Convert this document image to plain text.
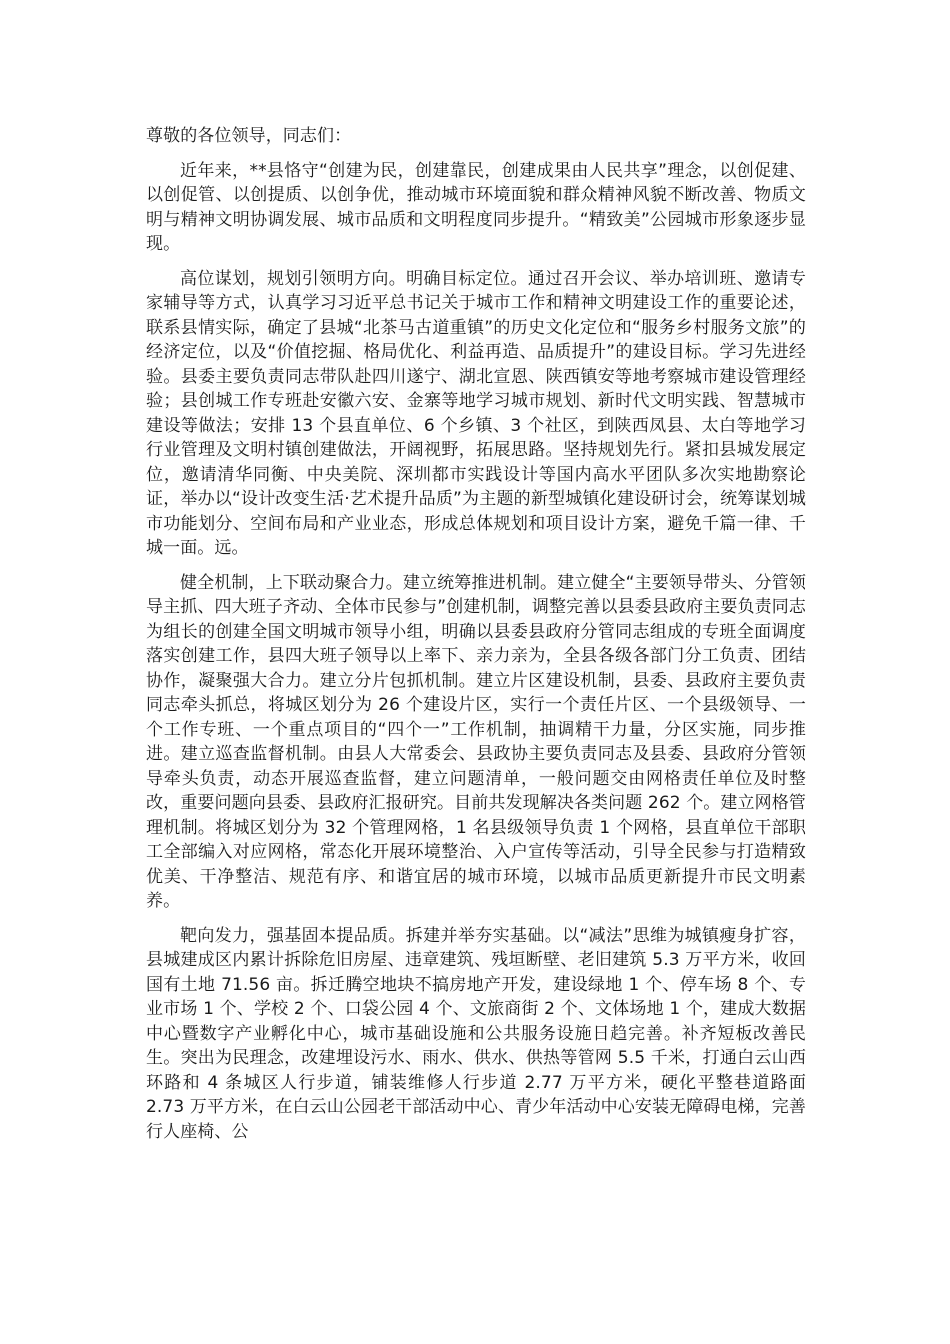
尊敬的各位领导，同志们：

近年来，**县恪守“创建为民，创建靠民，创建成果由人民共享”理念，以创促建、以创促管、以创提质、以创争优，推动城市环境面貌和群众精神风貌不断改善、物质文明与精神文明协调发展、城市品质和文明程度同步提升。“精致美”公园城市形象逐步显现。

高位谋划，规划引领明方向。明确目标定位。通过召开会议、举办培训班、邀请专家辅导等方式，认真学习习近平总书记关于城市工作和精神文明建设工作的重要论述，联系县情实际，确定了县城“北茶马古道重镇”的历史文化定位和“服务乡村服务文旅”的经济定位，以及“价值挖掘、格局优化、利益再造、品质提升”的建设目标。学习先进经验。县委主要负责同志带队赴四川遂宁、湖北宣恩、陕西镇安等地考察城市建设管理经验；县创城工作专班赴安徽六安、金寨等地学习城市规划、新时代文明实践、智慧城市建设等做法；安排 13 个县直单位、6 个乡镇、3 个社区，到陕西凤县、太白等地学习行业管理及文明村镇创建做法，开阔视野，拓展思路。坚持规划先行。紧扣县城发展定位，邀请清华同衡、中央美院、深圳都市实践设计等国内高水平团队多次实地勘察论证，举办以“设计改变生活·艺术提升品质”为主题的新型城镇化建设研讨会，统筹谋划城市功能划分、空间布局和产业业态，形成总体规划和项目设计方案，避免千篇一律、千城一面。远。

健全机制，上下联动聚合力。建立统筹推进机制。建立健全“主要领导带头、分管领导主抓、四大班子齐动、全体市民参与”创建机制，调整完善以县委县政府主要负责同志为组长的创建全国文明城市领导小组，明确以县委县政府分管同志组成的专班全面调度落实创建工作，县四大班子领导以上率下、亲力亲为，全县各级各部门分工负责、团结协作，凝聚强大合力。建立分片包抓机制。建立片区建设机制，县委、县政府主要负责同志牵头抓总，将城区划分为 26 个建设片区，实行一个责任片区、一个县级领导、一个工作专班、一个重点项目的“四个一”工作机制，抽调精干力量，分区实施，同步推进。建立巡查监督机制。由县人大常委会、县政协主要负责同志及县委、县政府分管领导牵头负责，动态开展巡查监督，建立问题清单，一般问题交由网格责任单位及时整改，重要问题向县委、县政府汇报研究。目前共发现解决各类问题 262 个。建立网格管理机制。将城区划分为 32 个管理网格，1 名县级领导负责 1 个网格，县直单位干部职工全部编入对应网格，常态化开展环境整治、入户宣传等活动，引导全民参与打造精致优美、干净整洁、规范有序、和谐宜居的城市环境，以城市品质更新提升市民文明素养。

靶向发力，强基固本提品质。拆建并举夯实基础。以“减法”思维为城镇瘦身扩容，县城建成区内累计拆除危旧房屋、违章建筑、残垣断壁、老旧建筑 5.3 万平方米，收回国有土地 71.56 亩。拆迁腾空地块不搞房地产开发，建设绿地 1 个、停车场 8 个、专业市场 1 个、学校 2 个、口袋公园 4 个、文旅商街 2 个、文体场地 1 个，建成大数据中心暨数字产业孵化中心，城市基础设施和公共服务设施日趋完善。补齐短板改善民生。突出为民理念，改建埋设污水、雨水、供水、供热等管网 5.5 千米，打通白云山西环路和 4 条城区人行步道，铺装维修人行步道 2.77 万平方米，硬化平整巷道路面 2.73 万平方米，在白云山公园老干部活动中心、青少年活动中心安装无障碍电梯，完善行人座椅、公
